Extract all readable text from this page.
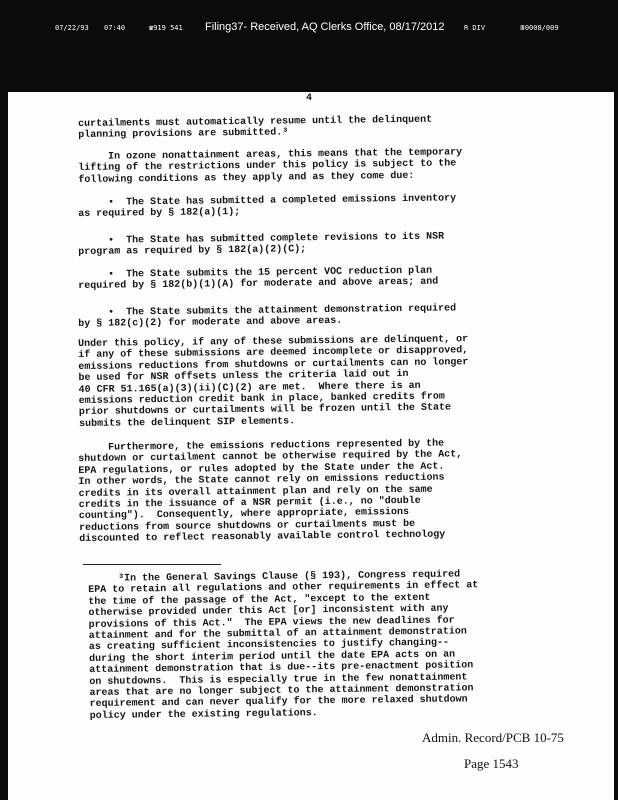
07/22/93 07:40	☎919 541 Filing37- Received, AQ Clerks Office, 08/17/2012	R DIV	Ⅲ0008/009
4

curtailments must automatically resume until the delinquent

planning provisions are submitted.³

In ozone nonattainment areas, this means that the temporary

lifting of the restrictions under this policy is subject to the

following conditions as they apply and as they come due:

•  The State has submitted a completed emissions inventory

as required by § 182(a)(1);

•  The State has submitted complete revisions to its NSR

program as required by § 182(a)(2)(C);

•  The State submits the 15 percent VOC reduction plan

required by § 182(b)(1)(A) for moderate and above areas; and

•  The State submits the attainment demonstration required

by § 182(c)(2) for moderate and above areas.

Under this policy, if any of these submissions are delinquent, or

if any of these submissions are deemed incomplete or disapproved,

emissions reductions from shutdowns or curtailments can no longer

be used for NSR offsets unless the criteria laid out in

40 CFR 51.165(a)(3)(ii)(C)(2) are met.  Where there is an

emissions reduction credit bank in place, banked credits from

prior shutdowns or curtailments will be frozen until the State

submits the delinquent SIP elements.

Furthermore, the emissions reductions represented by the

shutdown or curtailment cannot be otherwise required by the Act,

EPA regulations, or rules adopted by the State under the Act.

In other words, the State cannot rely on emissions reductions

credits in its overall attainment plan and rely on the same

credits in the issuance of a NSR permit (i.e., no "double

counting").  Consequently, where appropriate, emissions

reductions from source shutdowns or curtailments must be

discounted to reflect reasonably available control technology

³In the General Savings Clause (§ 193), Congress required

EPA to retain all regulations and other requirements in effect at

the time of the passage of the Act, "except to the extent

otherwise provided under this Act [or] inconsistent with any

provisions of this Act."  The EPA views the new deadlines for

attainment and for the submittal of an attainment demonstration

as creating sufficient inconsistencies to justify changing--

during the short interim period until the date EPA acts on an

attainment demonstration that is due--its pre-enactment position

on shutdowns.  This is especially true in the few nonattainment

areas that are no longer subject to the attainment demonstration

requirement and can never qualify for the more relaxed shutdown

policy under the existing regulations.

Admin. Record/PCB 10-75
Page 1543
